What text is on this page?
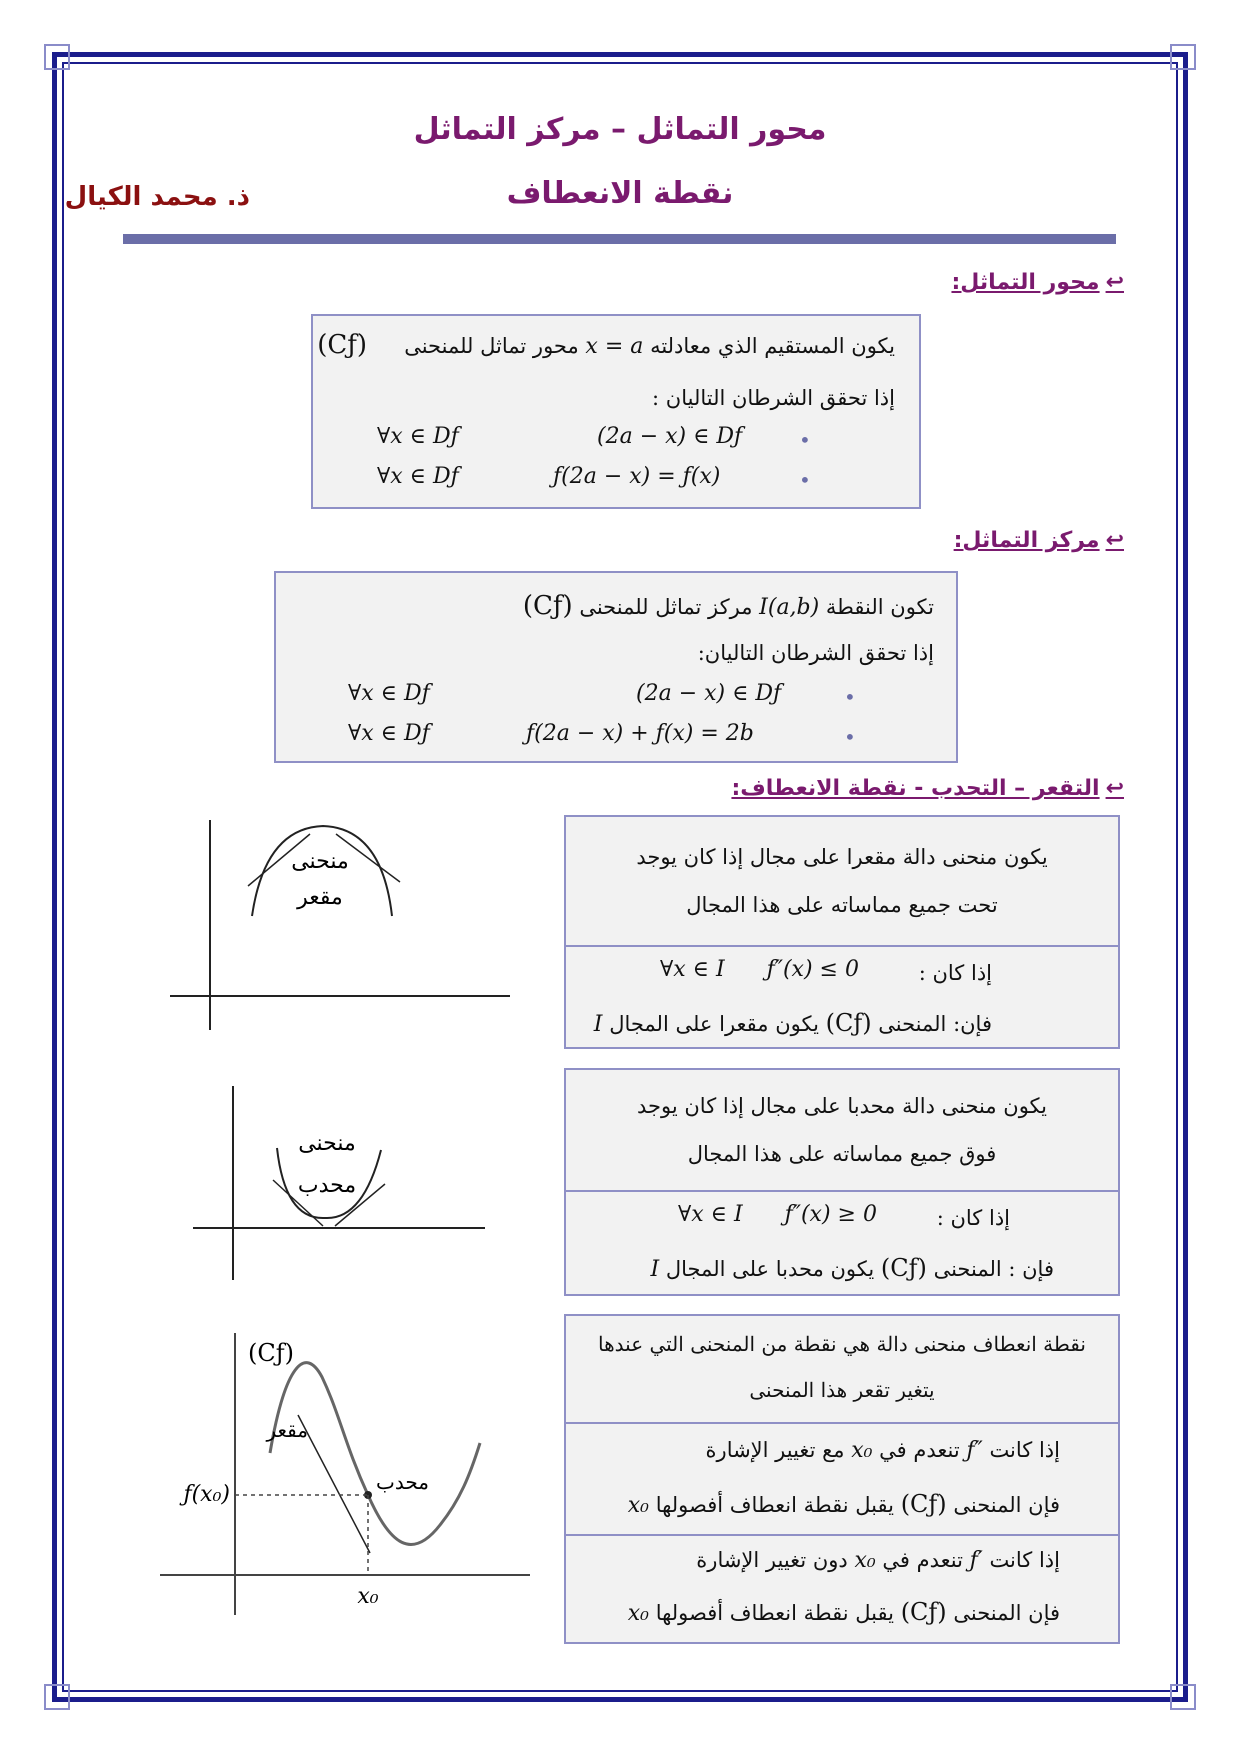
محور التماثل – مركز التماثل
نقطة الانعطاف
ذ. محمد الكيال
↩محور التماثل:
(Cƒ)	يكون المستقيم الذي معادلته x = a محور تماثل للمنحنى
إذا تحقق الشرطان التاليان :
•
(2a − x) ∈ Dƒ
∀x ∈ Dƒ
•
ƒ(2a − x) = ƒ(x)
∀x ∈ Dƒ
↩مركز التماثل:
تكون النقطة I(a,b) مركز تماثل للمنحنى (Cƒ)
إذا تحقق الشرطان التاليان:
•
(2a − x) ∈ Dƒ
∀x ∈ Dƒ
•
ƒ(2a − x) + ƒ(x) = 2b
∀x ∈ Dƒ
↩التقعر – التحدب - نقطة الانعطاف:
يكون منحنى دالة مقعرا على مجال إذا كان يوجد
تحت جميع مماساته على هذا المجال
إذا كان :
∀x ∈ I      ƒ″(x) ≤ 0
فإن: المنحنى (Cƒ) يكون مقعرا على المجال I
يكون منحنى دالة محدبا على مجال إذا كان يوجد
فوق جميع مماساته على هذا المجال
إذا كان :
∀x ∈ I      ƒ″(x) ≥ 0
فإن : المنحنى (Cƒ) يكون محدبا على المجال I
نقطة انعطاف منحنى دالة هي نقطة من المنحنى التي عندها
يتغير تقعر هذا المنحنى
إذا كانت ƒ″ تنعدم في x₀ مع تغيير الإشارة
فإن المنحنى (Cƒ) يقبل نقطة انعطاف أفصولها x₀
إذا كانت ƒ′ تنعدم في x₀ دون تغيير الإشارة
فإن المنحنى (Cƒ) يقبل نقطة انعطاف أفصولها x₀
منحنى
مقعر
منحنى
محدب
(Cƒ)
مقعر
محدب
ƒ(x₀)
x₀
